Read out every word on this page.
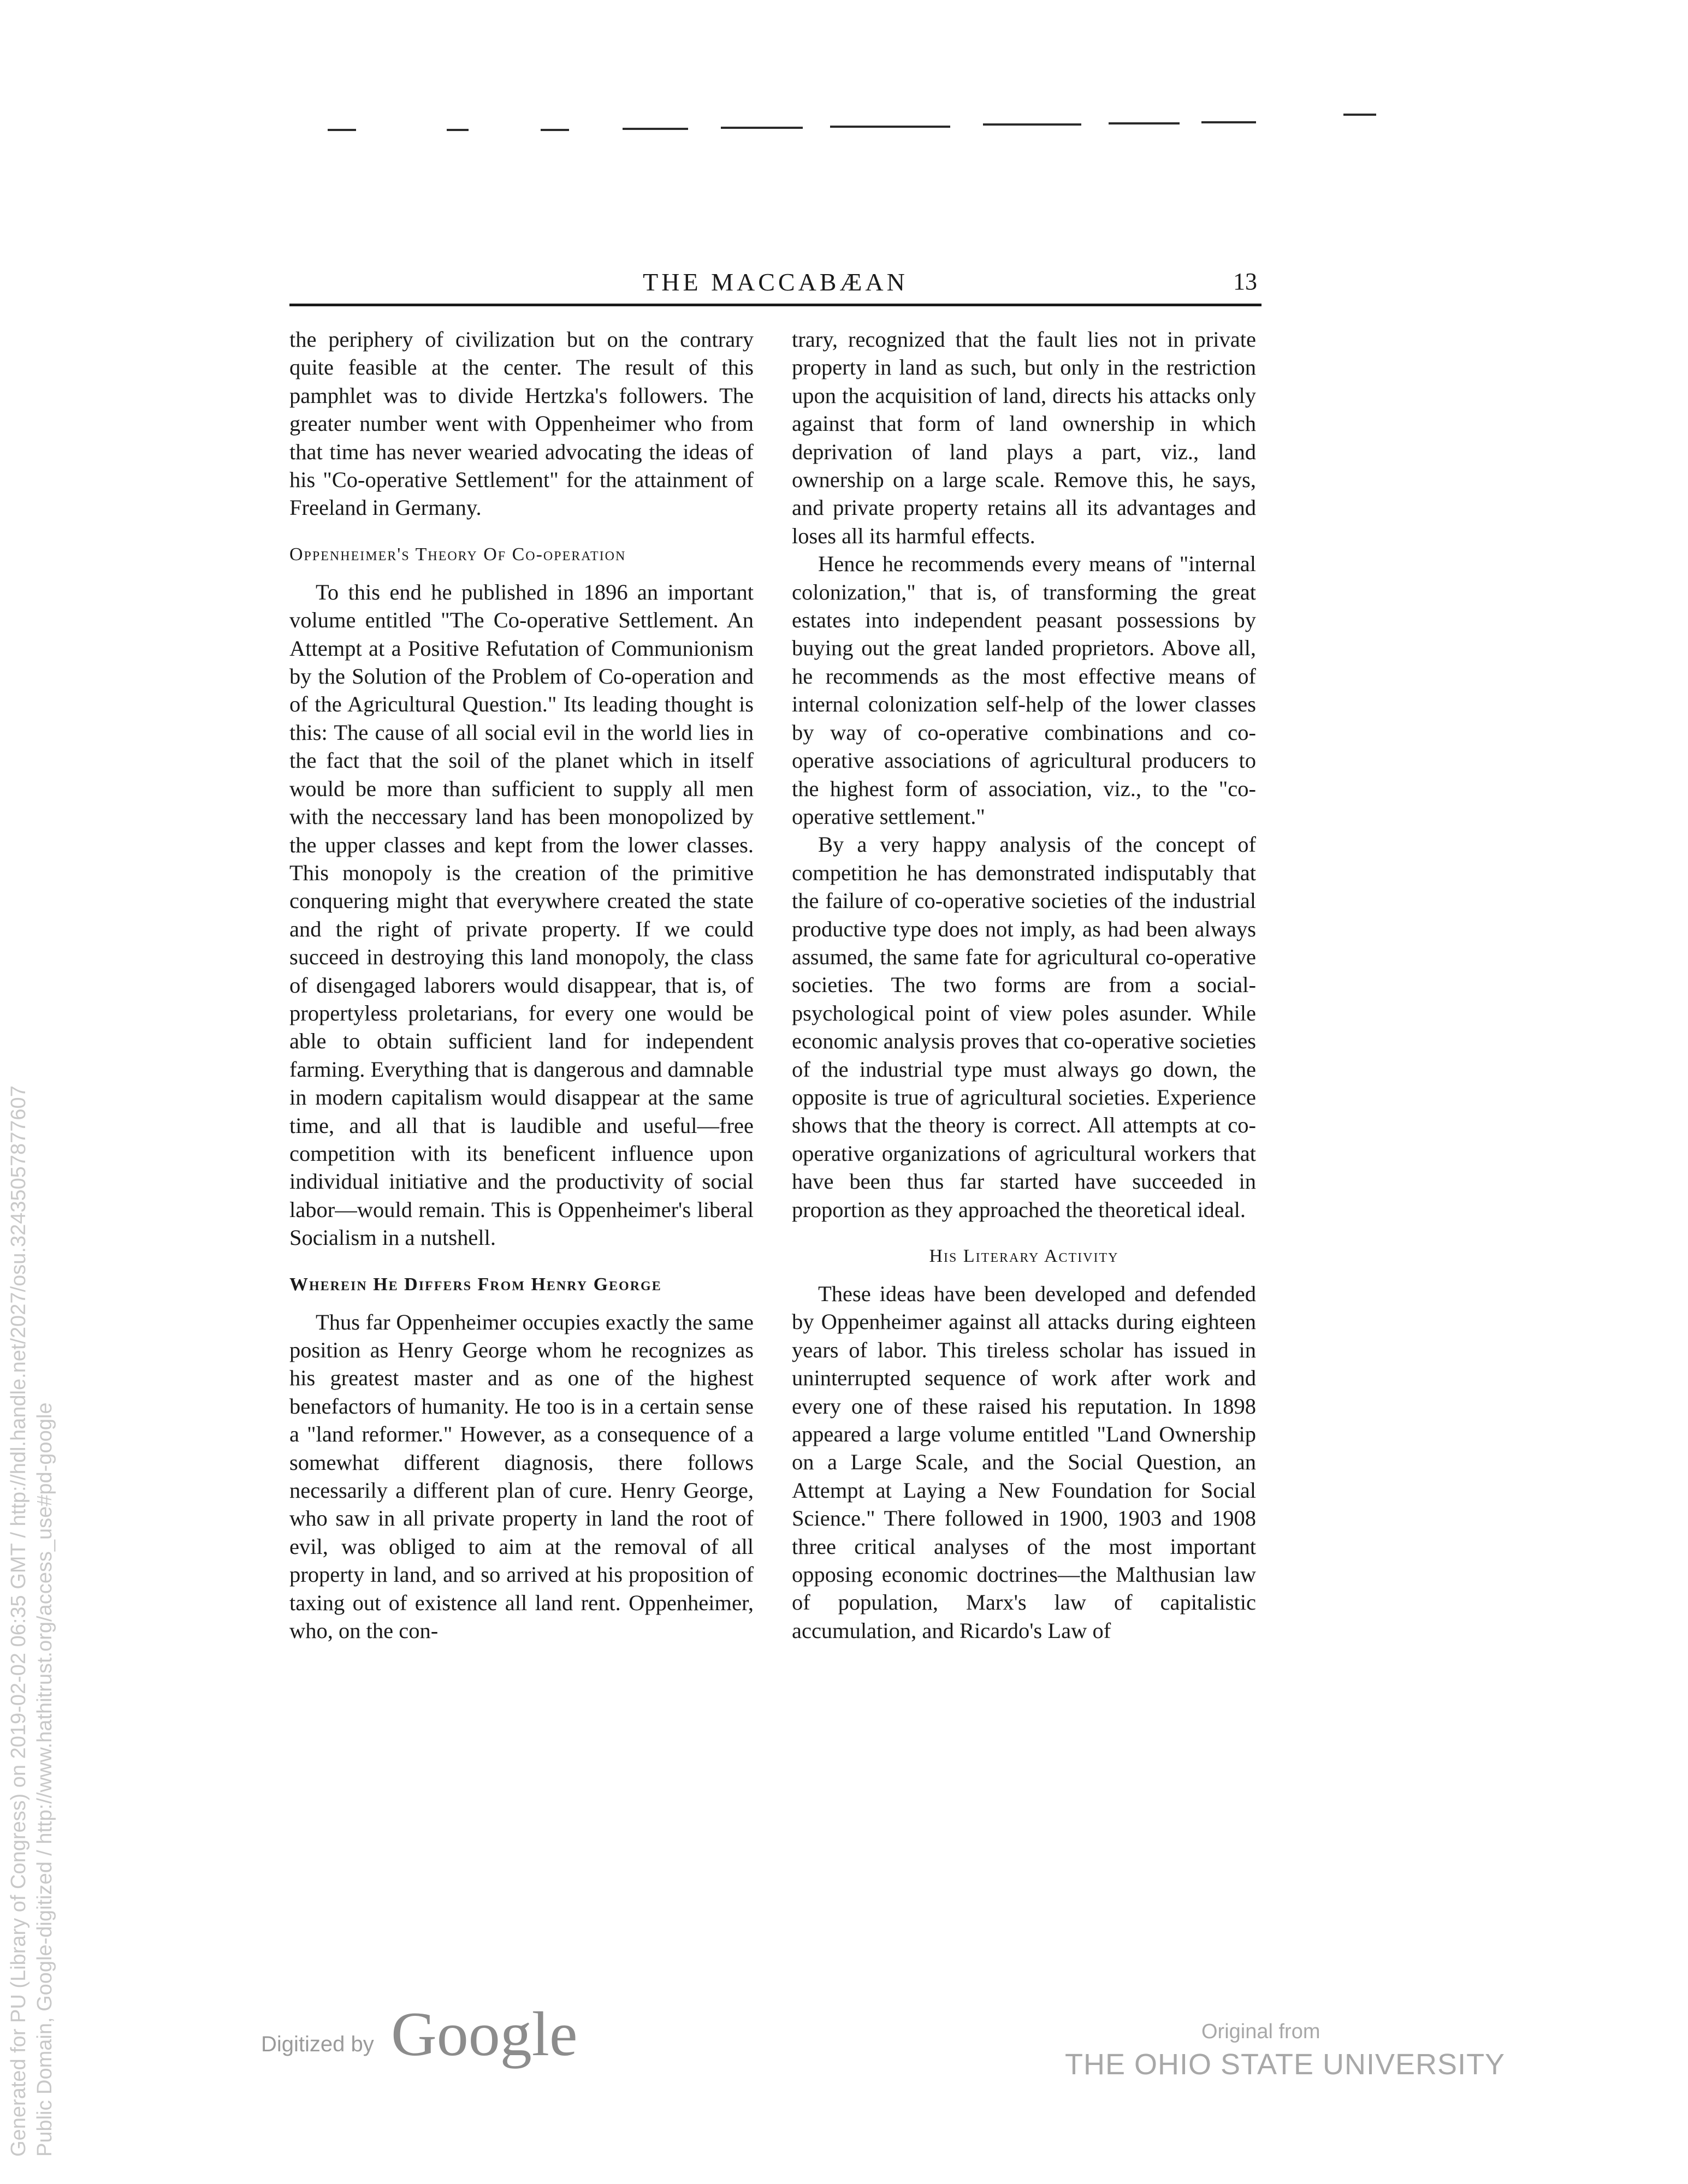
THE MACCABÆAN	13

the periphery of civilization but on the contrary quite feasible at the center. The result of this pamphlet was to divide Hertzka's followers. The greater number went with Oppenheimer who from that time has never wearied advocating the ideas of his "Co-operative Settlement" for the attainment of Freeland in Germany.

Oppenheimer's Theory Of Co-operation

To this end he published in 1896 an important volume entitled "The Co-operative Settlement. An Attempt at a Positive Refutation of Communionism by the Solution of the Problem of Co-operation and of the Agricultural Question." Its leading thought is this: The cause of all social evil in the world lies in the fact that the soil of the planet which in itself would be more than sufficient to supply all men with the neccessary land has been monopolized by the upper classes and kept from the lower classes. This monopoly is the creation of the primitive conquering might that everywhere created the state and the right of private property. If we could succeed in destroying this land monopoly, the class of disengaged laborers would disappear, that is, of propertyless proletarians, for every one would be able to obtain sufficient land for independent farming. Everything that is dangerous and damnable in modern capitalism would disappear at the same time, and all that is laudible and useful—free competition with its beneficent influence upon individual initiative and the productivity of social labor—would remain. This is Oppenheimer's liberal Socialism in a nutshell.

Wherein He Differs From Henry George

Thus far Oppenheimer occupies exactly the same position as Henry George whom he recognizes as his greatest master and as one of the highest benefactors of humanity. He too is in a certain sense a "land reformer." However, as a consequence of a somewhat different diagnosis, there follows necessarily a different plan of cure. Henry George, who saw in all private property in land the root of evil, was obliged to aim at the removal of all property in land, and so arrived at his proposition of taxing out of existence all land rent. Oppenheimer, who, on the con-

trary, recognized that the fault lies not in private property in land as such, but only in the restriction upon the acquisition of land, directs his attacks only against that form of land ownership in which deprivation of land plays a part, viz., land ownership on a large scale. Remove this, he says, and private property retains all its advantages and loses all its harmful effects.

Hence he recommends every means of "internal colonization," that is, of transforming the great estates into independent peasant possessions by buying out the great landed proprietors. Above all, he recommends as the most effective means of internal colonization self-help of the lower classes by way of co-operative combinations and co-operative associations of agricultural producers to the highest form of association, viz., to the "co-operative settlement."

By a very happy analysis of the concept of competition he has demonstrated indisputably that the failure of co-operative societies of the industrial productive type does not imply, as had been always assumed, the same fate for agricultural co-operative societies. The two forms are from a social-psychological point of view poles asunder. While economic analysis proves that co-operative societies of the industrial type must always go down, the opposite is true of agricultural societies. Experience shows that the theory is correct. All attempts at co-operative organizations of agricultural workers that have been thus far started have succeeded in proportion as they approached the theoretical ideal.

His Literary Activity

These ideas have been developed and defended by Oppenheimer against all attacks during eighteen years of labor. This tireless scholar has issued in uninterrupted sequence of work after work and every one of these raised his reputation. In 1898 appeared a large volume entitled "Land Ownership on a Large Scale, and the Social Question, an Attempt at Laying a New Foundation for Social Science." There followed in 1900, 1903 and 1908 three critical analyses of the most important opposing economic doctrines—the Malthusian law of population, Marx's law of capitalistic accumulation, and Ricardo's Law of

Digitized by Google	Original from
THE OHIO STATE UNIVERSITY
Generated for PU (Library of Congress) on 2019-02-02 06:35 GMT / http://hdl.handle.net/2027/osu.32435057877607 Public Domain, Google-digitized / http://www.hathitrust.org/access_use#pd-google
